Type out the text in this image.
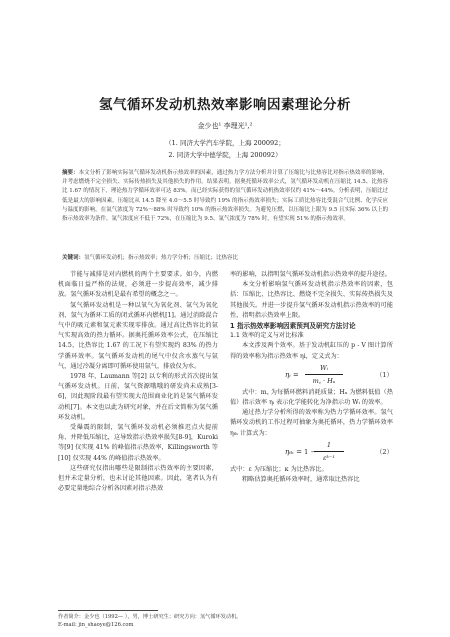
氢气循环发动机热效率影响因素理论分析
金少也¹ 李理光¹,²
（1. 同济大学汽车学院，上海 200092；
2. 同济大学中德学院，上海 200092）
摘要：本文分析了影响实际氢气循环发动机指示热效率的因素，通过热力学方法分析并计算了压缩比与比热容比对指示热效率的影响，并考虑燃烧不完全损失、实际传热损失及其他损失的作用。结果表明，据奥托循环效率公式，氢气循环发动机在压缩比 14.5、比热容比 1.67 的情况下，理论热力学循环效率可达 83%。而已经实际获得的氢气循环发动机热效率仅约 41%～44%。分析表明，压缩比过低是最大的影响因素。压缩比从 14.5 降至 4.0～5.5 时导致约 19% 的指示热效率损失；实际工质比热容比受混合气比例、化学反应与温度的影响，在氩气浓度为 72%～88% 时导致约 10% 的指示热效率损失。为避免压燃，以压缩比上限为 9.5 且实际 36% 以上的指示热效率为条件，氩气浓度应不低于 72%，在压缩比为 9.5、氩气浓度为 78% 时，有望实现 51% 的指示热效率。
关键词：氢气循环发动机；指示热效率；热力学分析；压缩比；比热容比

节能与减排是对内燃机的两个主要要求。如今，内燃机面临日益严格的法规，必须进一步提高效率，减少排放。氢气循环发动机是最有希望的概念之一。

氢气循环发动机是一种以氧气为氧化剂、氩气为氧化剂、氢气为循环工质的闭式循环内燃机[1]。通过消除混合气中的吸元素和氢元素实现零排放。通过高比热容比的氩气实现高效的热力循环。据奥托循环效率公式，在压缩比 14.5、比热容比 1.67 的工况下有望实现约 83% 的热力学循环效率。氢气循环发动机的尾气中仅含水蒸气与氩气，通过冷凝分离即可循环使用氩气，排放仅为水。

1978 年，Laumann 等[2] 以专利的形式首次提出氢气循环发动机。日前，氢气资源哦哦的研发尚未成熟[3-6]，因此现阶段最有望实现大范围商业化的是氢气循环发动机[7]。本文也以此为研究对象，并在后文简称为氢气循环发动机。

受爆震的限制，氢气循环发动机必须推迟点火提前角、并降低压缩比，这导致指示热效率损失[8-9]，Kuroki 等[9] 仅实现 41% 的峰值指示热效率，Killingsworth 等[10] 仅实现 44% 的峰值指示热效率。

这些研究仅指出哪些是限制指示热效率的主要因素，但并未定量分析，也未讨论其他因素。因此，笔者认为有必要定量地综合分析各因素对指示热效

率的影响，以指明氢气循环发动机指示热效率的提升途径。

本文分析影响氢气循环发动机指示热效率的因素，包括：压缩比、比热容比、燃烧不完全损失、实际传热损失及其他损失。并进一步提升氢气循环发动机指示热效率的可能性，指明指示热效率上限。

1 指示热效率影响因素预判及研究方法讨论

1.1 效率的定义与对比标准

本文涉及两个效率。基于发动机缸压的 p - V 图计算所得的效率称为指示热效率 ηi，定义式为：

ηᵢ =
Wᵢ
m꜀ · Hᵤ
（1）

式中：m꜀ 为每循环燃料消耗质量；Hᵤ 为燃料低值（热值）指示效率 ηᵢ 表示化学能转化为净指示功 Wᵢ 的效率。

通过热力学分析所得的效率称为热力学循环效率。氢气循环发动机的工作过程可抽象为奥托循环，热力学循环效率 ηₜₕ 计算式为：

ηₜₕ = 1 −
1
εᵏ⁻¹
（2）

式中：ε 为压缩比；κ 为比热容比。

粗略估算奥托循环效率时，通常取比热容比

作者简介：金少也（1992— ），男，博士研究生；研究方向：氢气循环发动机。
E-mail: jin_shaoye@126.com
